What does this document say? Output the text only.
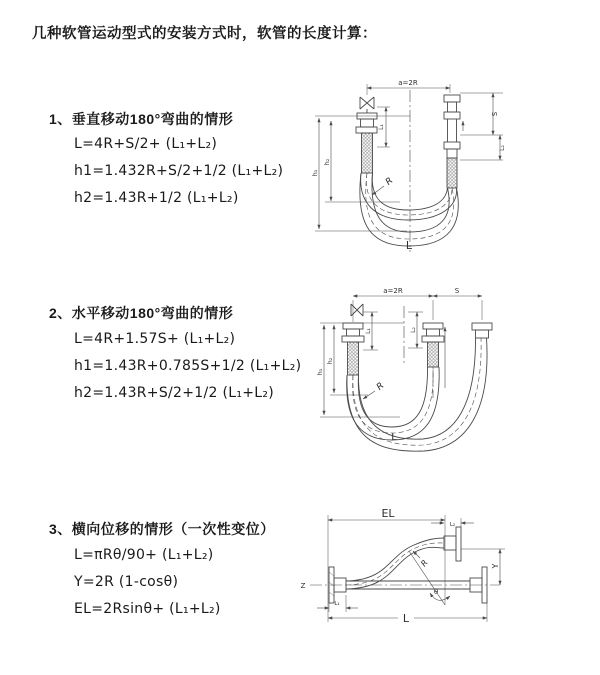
几种软管运动型式的安装方式时，软管的长度计算：
1、垂直移动180°弯曲的情形
L=4R+S/2+ (L₁+L₂)
h1=1.432R+S/2+1/2 (L₁+L₂)
h2=1.43R+1/2 (L₁+L₂)
2、水平移动180°弯曲的情形
L=4R+1.57S+ (L₁+L₂)
h1=1.43R+0.785S+1/2 (L₁+L₂)
h2=1.43R+S/2+1/2 (L₁+L₂)
3、横向位移的情形（一次性变位）
L=πRθ/90+ (L₁+L₂)
Y=2R (1-cosθ)
EL=2Rsinθ+ (L₁+L₂)
a=2R
h₁
h₂
L₁
S
L₂
R
L
a=2R	S
h₁
h₂
L₁	L₂
R
L
EL
L₂
Y
R
θ
L₁
L
Z
